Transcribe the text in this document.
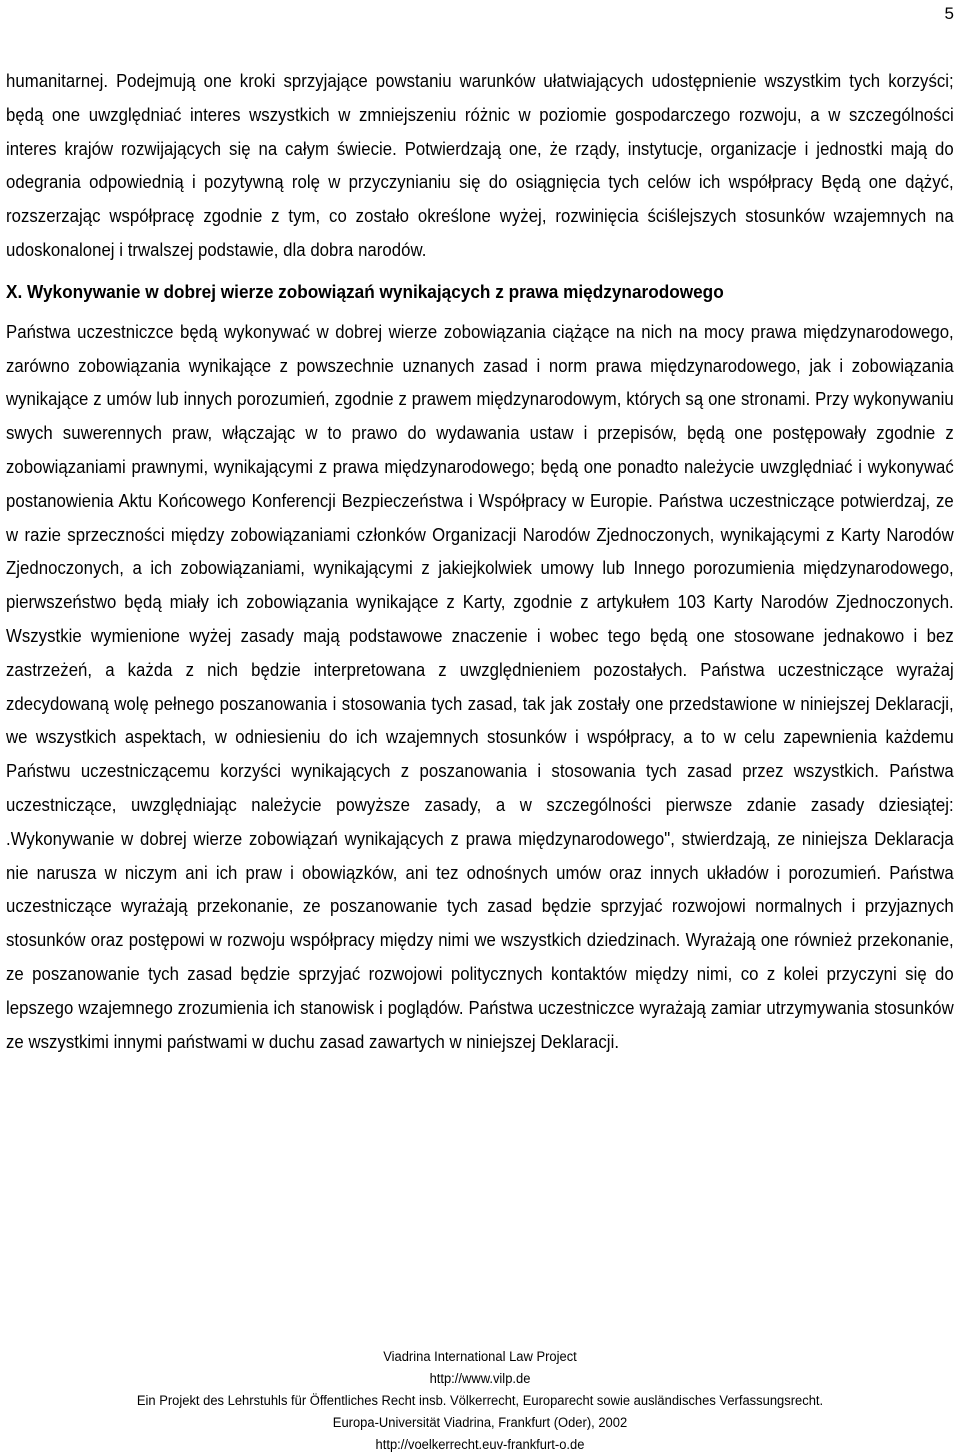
5

humanitarnej. Podejmują one kroki sprzyjające powstaniu warunków ułatwiających udostępnienie wszystkim tych korzyści; będą one uwzględniać interes wszystkich w zmniejszeniu różnic w poziomie gospodarczego rozwoju, a w szczególności interes krajów rozwijających się na całym świecie. Potwierdzają one, że rządy, instytucje, organizacje i jednostki mają do odegrania odpowiednią i pozytywną rolę w przyczynianiu się do osiągnięcia tych celów ich współpracy Będą one dążyć, rozszerzając współpracę zgodnie z tym, co zostało określone wyżej, rozwinięcia ściślejszych stosunków wzajemnych na udoskonalonej i trwalszej podstawie, dla dobra narodów.

X. Wykonywanie w dobrej wierze zobowiązań wynikających z prawa międzynarodowego

Państwa uczestniczce będą wykonywać w dobrej wierze zobowiązania ciążące na nich na mocy prawa międzynarodowego, zarówno zobowiązania wynikające z powszechnie uznanych zasad i norm prawa międzynarodowego, jak i zobowiązania wynikające z umów lub innych porozumień, zgodnie z prawem międzynarodowym, których są one stronami. Przy wykonywaniu swych suwerennych praw, włączając w to prawo do wydawania ustaw i przepisów, będą one postępowały zgodnie z zobowiązaniami prawnymi, wynikającymi z prawa międzynarodowego; będą one ponadto należycie uwzględniać i wykonywać postanowienia Aktu Końcowego Konferencji Bezpieczeństwa i Współpracy w Europie. Państwa uczestniczące potwierdzaj, ze w razie sprzeczności między zobowiązaniami członków Organizacji Narodów Zjednoczonych, wynikającymi z Karty Narodów Zjednoczonych, a ich zobowiązaniami, wynikającymi z jakiejkolwiek umowy lub Innego porozumienia międzynarodowego, pierwszeństwo będą miały ich zobowiązania wynikające z Karty, zgodnie z artykułem 103 Karty Narodów Zjednoczonych. Wszystkie wymienione wyżej zasady mają podstawowe znaczenie i wobec tego będą one stosowane jednakowo i bez zastrzeżeń, a każda z nich będzie interpretowana z uwzględnieniem pozostałych. Państwa uczestniczące wyrażaj zdecydowaną wolę pełnego poszanowania i stosowania tych zasad, tak jak zostały one przedstawione w niniejszej Deklaracji, we wszystkich aspektach, w odniesieniu do ich wzajemnych stosunków i współpracy, a to w celu zapewnienia każdemu Państwu uczestniczącemu korzyści wynikających z poszanowania i stosowania tych zasad przez wszystkich. Państwa uczestniczące, uwzględniając należycie powyższe zasady, a w szczególności pierwsze zdanie zasady dziesiątej: .Wykonywanie w dobrej wierze zobowiązań wynikających z prawa międzynarodowego", stwierdzają, ze niniejsza Deklaracja nie narusza w niczym ani ich praw i obowiązków, ani tez odnośnych umów oraz innych układów i porozumień. Państwa uczestniczące wyrażają przekonanie, ze poszanowanie tych zasad będzie sprzyjać rozwojowi normalnych i przyjaznych stosunków oraz postępowi w rozwoju współpracy między nimi we wszystkich dziedzinach. Wyrażają one również przekonanie, ze poszanowanie tych zasad będzie sprzyjać rozwojowi politycznych kontaktów między nimi, co z kolei przyczyni się do lepszego wzajemnego zrozumienia ich stanowisk i poglądów. Państwa uczestniczce wyrażają zamiar utrzymywania stosunków ze wszystkimi innymi państwami w duchu zasad zawartych w niniejszej Deklaracji.

Viadrina International Law Project
http://www.vilp.de
Ein Projekt des Lehrstuhls für Öffentliches Recht insb. Völkerrecht, Europarecht sowie ausländisches Verfassungsrecht.
Europa-Universität Viadrina, Frankfurt (Oder), 2002
http://voelkerrecht.euv-frankfurt-o.de
